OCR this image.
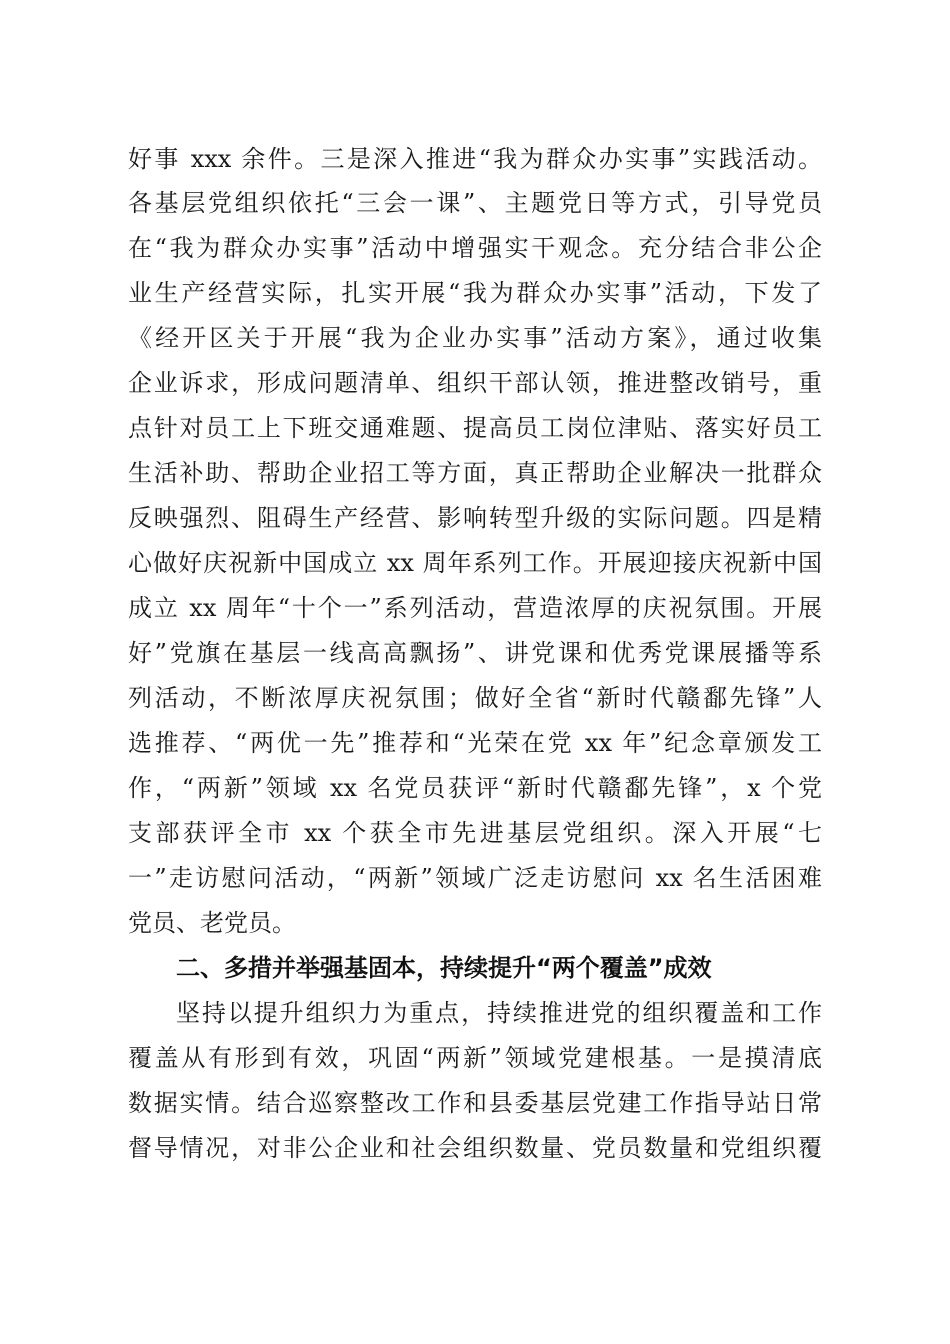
好事 xxx 余件。三是深入推进“我为群众办实事”实践活动。
各基层党组织依托“三会一课”、主题党日等方式，引导党员
在“我为群众办实事”活动中增强实干观念。充分结合非公企
业生产经营实际，扎实开展“我为群众办实事”活动，下发了
《经开区关于开展“我为企业办实事”活动方案》，通过收集
企业诉求，形成问题清单、组织干部认领，推进整改销号，重
点针对员工上下班交通难题、提高员工岗位津贴、落实好员工
生活补助、帮助企业招工等方面，真正帮助企业解决一批群众
反映强烈、阻碍生产经营、影响转型升级的实际问题。四是精
心做好庆祝新中国成立 xx 周年系列工作。开展迎接庆祝新中国
成立 xx 周年“十个一”系列活动，营造浓厚的庆祝氛围。开展
好”党旗在基层一线高高飘扬”、讲党课和优秀党课展播等系
列活动，不断浓厚庆祝氛围；做好全省“新时代赣鄱先锋”人
选推荐、“两优一先”推荐和“光荣在党 xx 年”纪念章颁发工
作，“两新”领域 xx 名党员获评“新时代赣鄱先锋”，x 个党
支部获评全市 xx 个获全市先进基层党组织。深入开展“七
一”走访慰问活动，“两新”领域广泛走访慰问 xx 名生活困难
党员、老党员。
二、多措并举强基固本，持续提升“两个覆盖”成效
坚持以提升组织力为重点，持续推进党的组织覆盖和工作
覆盖从有形到有效，巩固“两新”领域党建根基。一是摸清底
数据实情。结合巡察整改工作和县委基层党建工作指导站日常
督导情况，对非公企业和社会组织数量、党员数量和党组织覆
